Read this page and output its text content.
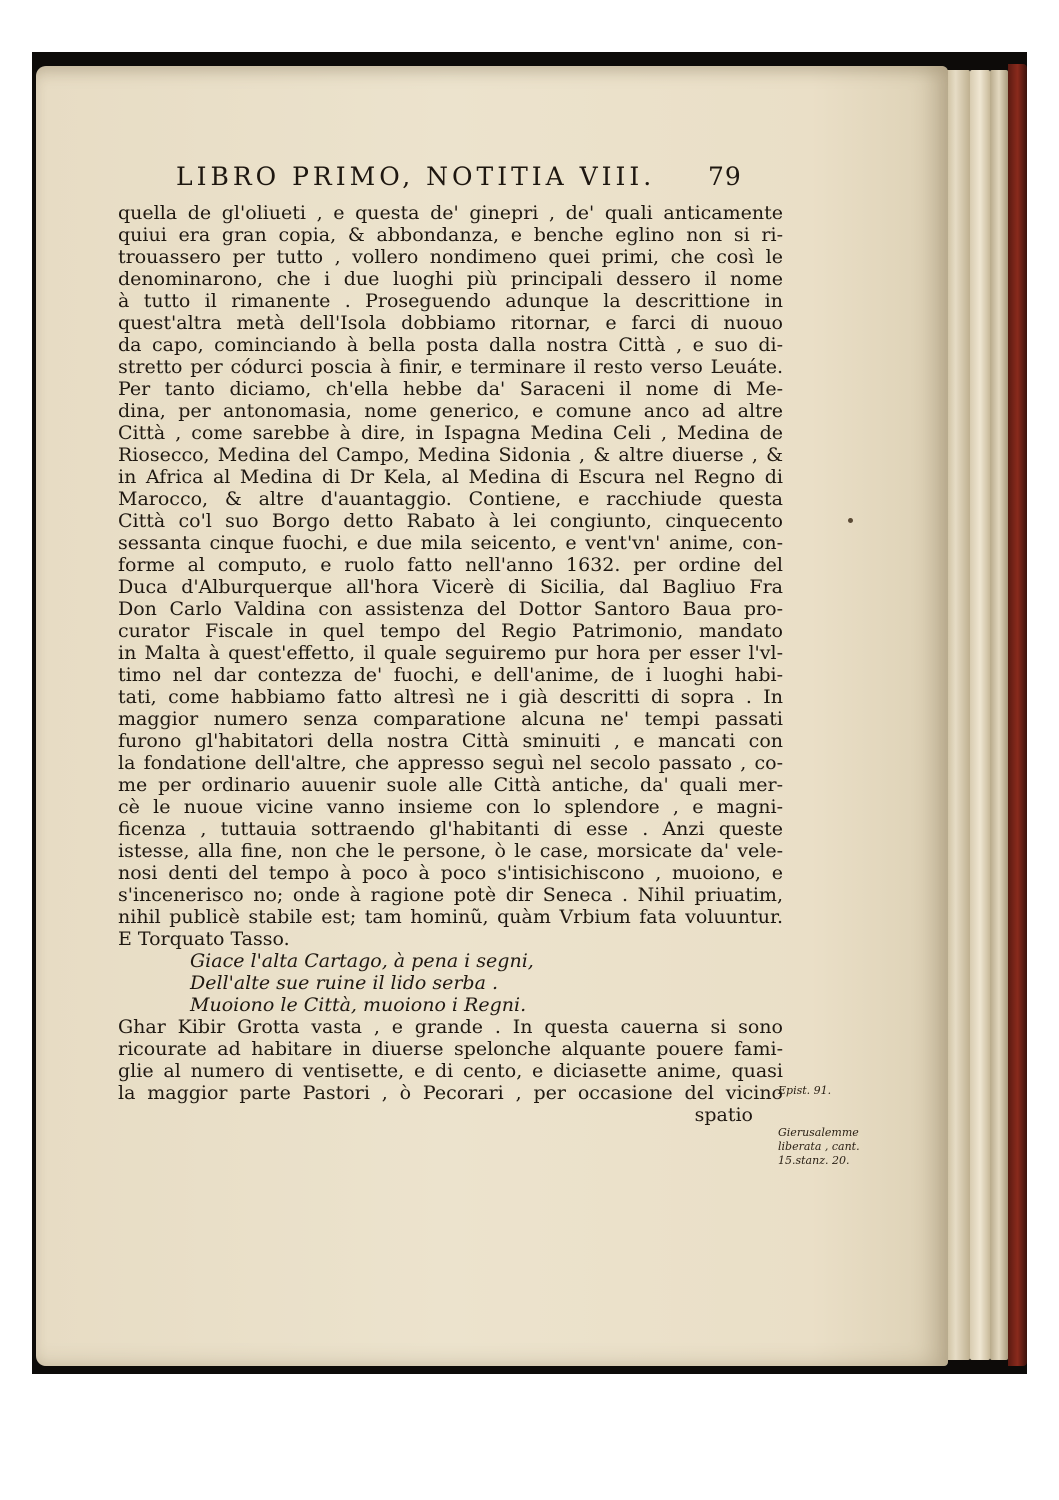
LIBRO PRIMO, NOTITIA VIII. 79
quella de gl'oliueti , e questa de' ginepri , de' quali anticamente
quiui era gran copia, & abbondanza, e benche eglino non si ri-
trouassero per tutto , vollero nondimeno quei primi, che così le
denominarono, che i due luoghi più principali dessero il nome
à tutto il rimanente . Proseguendo adunque la descrittione in
quest'altra metà dell'Isola dobbiamo ritornar, e farci di nuouo
da capo, cominciando à bella posta dalla nostra Città , e suo di-
stretto per códurci poscia à finir, e terminare il resto verso Leuáte.
Per tanto diciamo, ch'ella hebbe da' Saraceni il nome di Me-
dina, per antonomasia, nome generico, e comune anco ad altre
Città , come sarebbe à dire, in Ispagna Medina Celi , Medina de
Riosecco, Medina del Campo, Medina Sidonia , & altre diuerse , &
in Africa al Medina di Dr Kela, al Medina di Escura nel Regno di
Marocco, & altre d'auantaggio. Contiene, e racchiude questa
Città co'l suo Borgo detto Rabato à lei congiunto, cinquecento
sessanta cinque fuochi, e due mila seicento, e vent'vn' anime, con-
forme al computo, e ruolo fatto nell'anno 1632. per ordine del
Duca d'Alburquerque all'hora Vicerè di Sicilia, dal Bagliuo Fra
Don Carlo Valdina con assistenza del Dottor Santoro Baua pro-
curator Fiscale in quel tempo del Regio Patrimonio, mandato
in Malta à quest'effetto, il quale seguiremo pur hora per esser l'vl-
timo nel dar contezza de' fuochi, e dell'anime, de i luoghi habi-
tati, come habbiamo fatto altresì ne i già descritti di sopra . In
maggior numero senza comparatione alcuna ne' tempi passati
furono gl'habitatori della nostra Città sminuiti , e mancati con
la fondatione dell'altre, che appresso seguì nel secolo passato , co-
me per ordinario auuenir suole alle Città antiche, da' quali mer-
cè le nuoue vicine vanno insieme con lo splendore , e magni-
ficenza , tuttauia sottraendo gl'habitanti di esse . Anzi queste
istesse, alla fine, non che le persone, ò le case, morsicate da' vele-
nosi denti del tempo à poco à poco s'intisichiscono , muoiono, e
s'incenerisco no; onde à ragione potè dir Seneca . Nihil priuatim,
nihil publicè stabile est; tam hominũ, quàm Vrbium fata voluuntur.
E Torquato Tasso.
Giace l'alta Cartago, à pena i segni,
Dell'alte sue ruine il lido serba .
Muoiono le Città, muoiono i Regni.
Ghar Kibir Grotta vasta , e grande . In questa cauerna si sono
ricourate ad habitare in diuerse spelonche alquante pouere fami-
glie al numero di ventisette, e di cento, e diciasette anime, quasi
la maggior parte Pastori , ò Pecorari , per occasione del vicino
spatio
Epist. 91.
Gierusalemme
liberata , cant.
15.stanz. 20.
